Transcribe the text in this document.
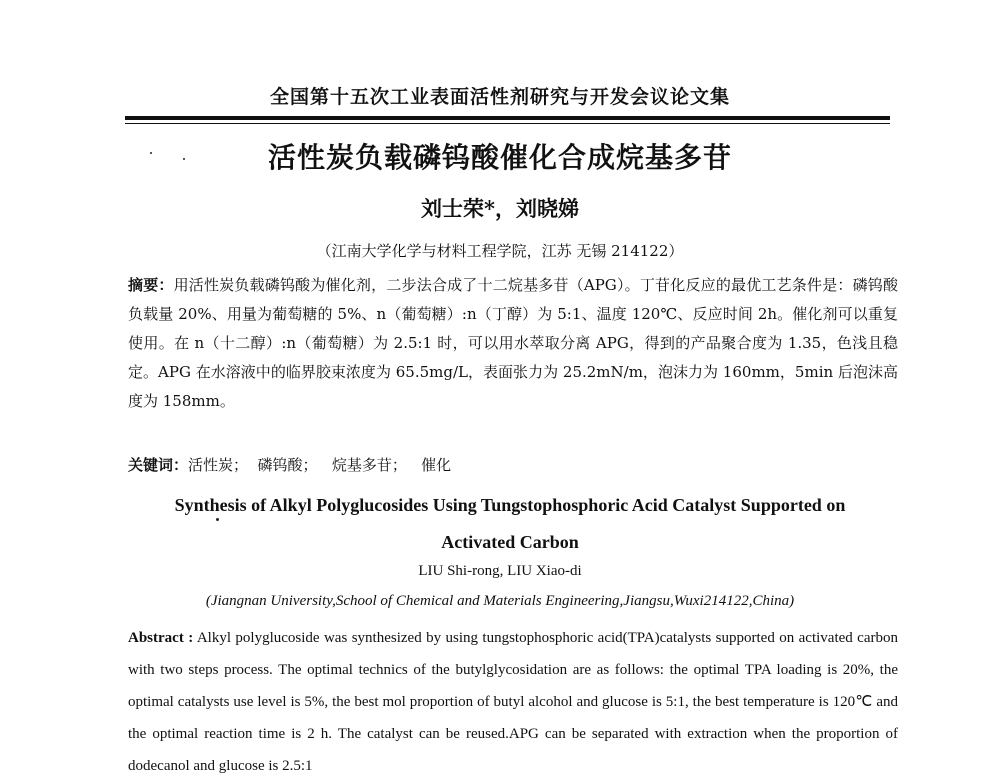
全国第十五次工业表面活性剂研究与开发会议论文集
活性炭负载磷钨酸催化合成烷基多苷
刘士荣*，刘晓娣
（江南大学化学与材料工程学院，江苏 无锡 214122）
摘要：用活性炭负载磷钨酸为催化剂，二步法合成了十二烷基多苷（APG）。丁苷化反应的最优工艺条件是：磷钨酸负载量 20%、用量为葡萄糖的 5%、n（葡萄糖）:n（丁醇）为 5:1、温度 120℃、反应时间 2h。催化剂可以重复使用。在 n（十二醇）:n（葡萄糖）为 2.5:1 时，可以用水萃取分离 APG，得到的产品聚合度为 1.35，色浅且稳定。APG 在水溶液中的临界胶束浓度为 65.5mg/L，表面张力为 25.2mN/m，泡沫力为 160mm，5min 后泡沫高度为 158mm。
关键词：活性炭；  磷钨酸；   烷基多苷；   催化
Synthesis of Alkyl Polyglucosides Using Tungstophosphoric Acid Catalyst Supported on Activated Carbon
LIU Shi-rong, LIU Xiao-di
(Jiangnan University,School of Chemical and Materials Engineering,Jiangsu,Wuxi214122,China)
Abstract : Alkyl polyglucoside was synthesized by using tungstophosphoric acid(TPA)catalysts supported on activated carbon with two steps process. The optimal technics of the butylglycosidation are as follows: the optimal TPA loading is 20%, the optimal catalysts use level is 5%, the best mol proportion of butyl alcohol and glucose is 5:1, the best temperature is 120℃ and the optimal reaction time is 2 h. The catalyst can be reused.APG can be separated with extraction when the proportion of dodecanol and glucose is 2.5:1
